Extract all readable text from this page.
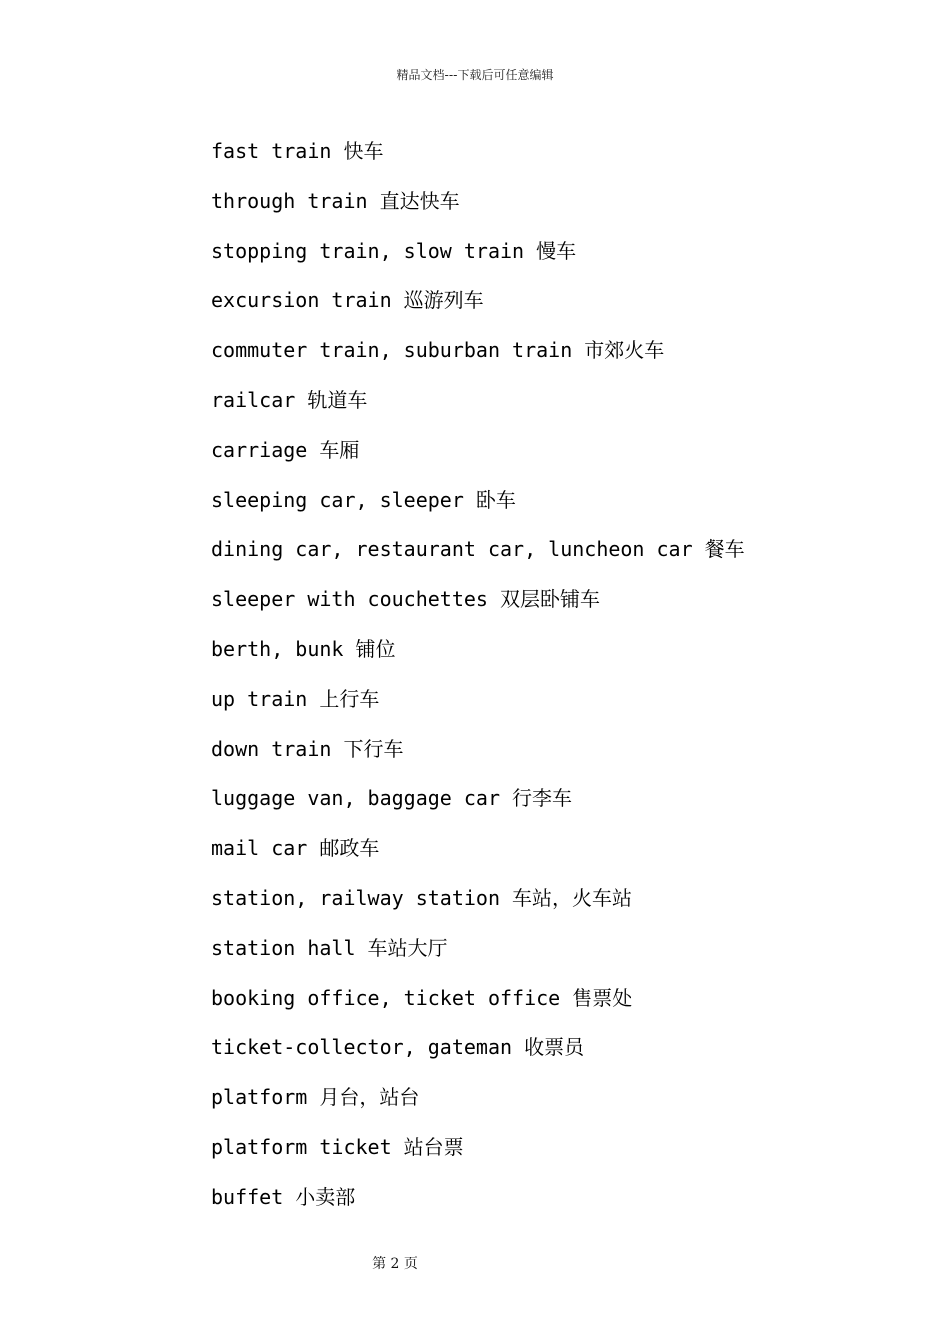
精品文档---下载后可任意编辑
fast train 快车
through train 直达快车
stopping train, slow train 慢车
excursion train 巡游列车
commuter train, suburban train 市郊火车
railcar 轨道车
carriage 车厢
sleeping car, sleeper 卧车
dining car, restaurant car, luncheon car 餐车
sleeper with couchettes 双层卧铺车
berth, bunk 铺位
up train 上行车
down train 下行车
luggage van, baggage car 行李车
mail car 邮政车
station, railway station 车站，火车站
station hall 车站大厅
booking office, ticket office 售票处
ticket-collector, gateman 收票员
platform 月台，站台
platform ticket 站台票
buffet 小卖部
第 2 页
